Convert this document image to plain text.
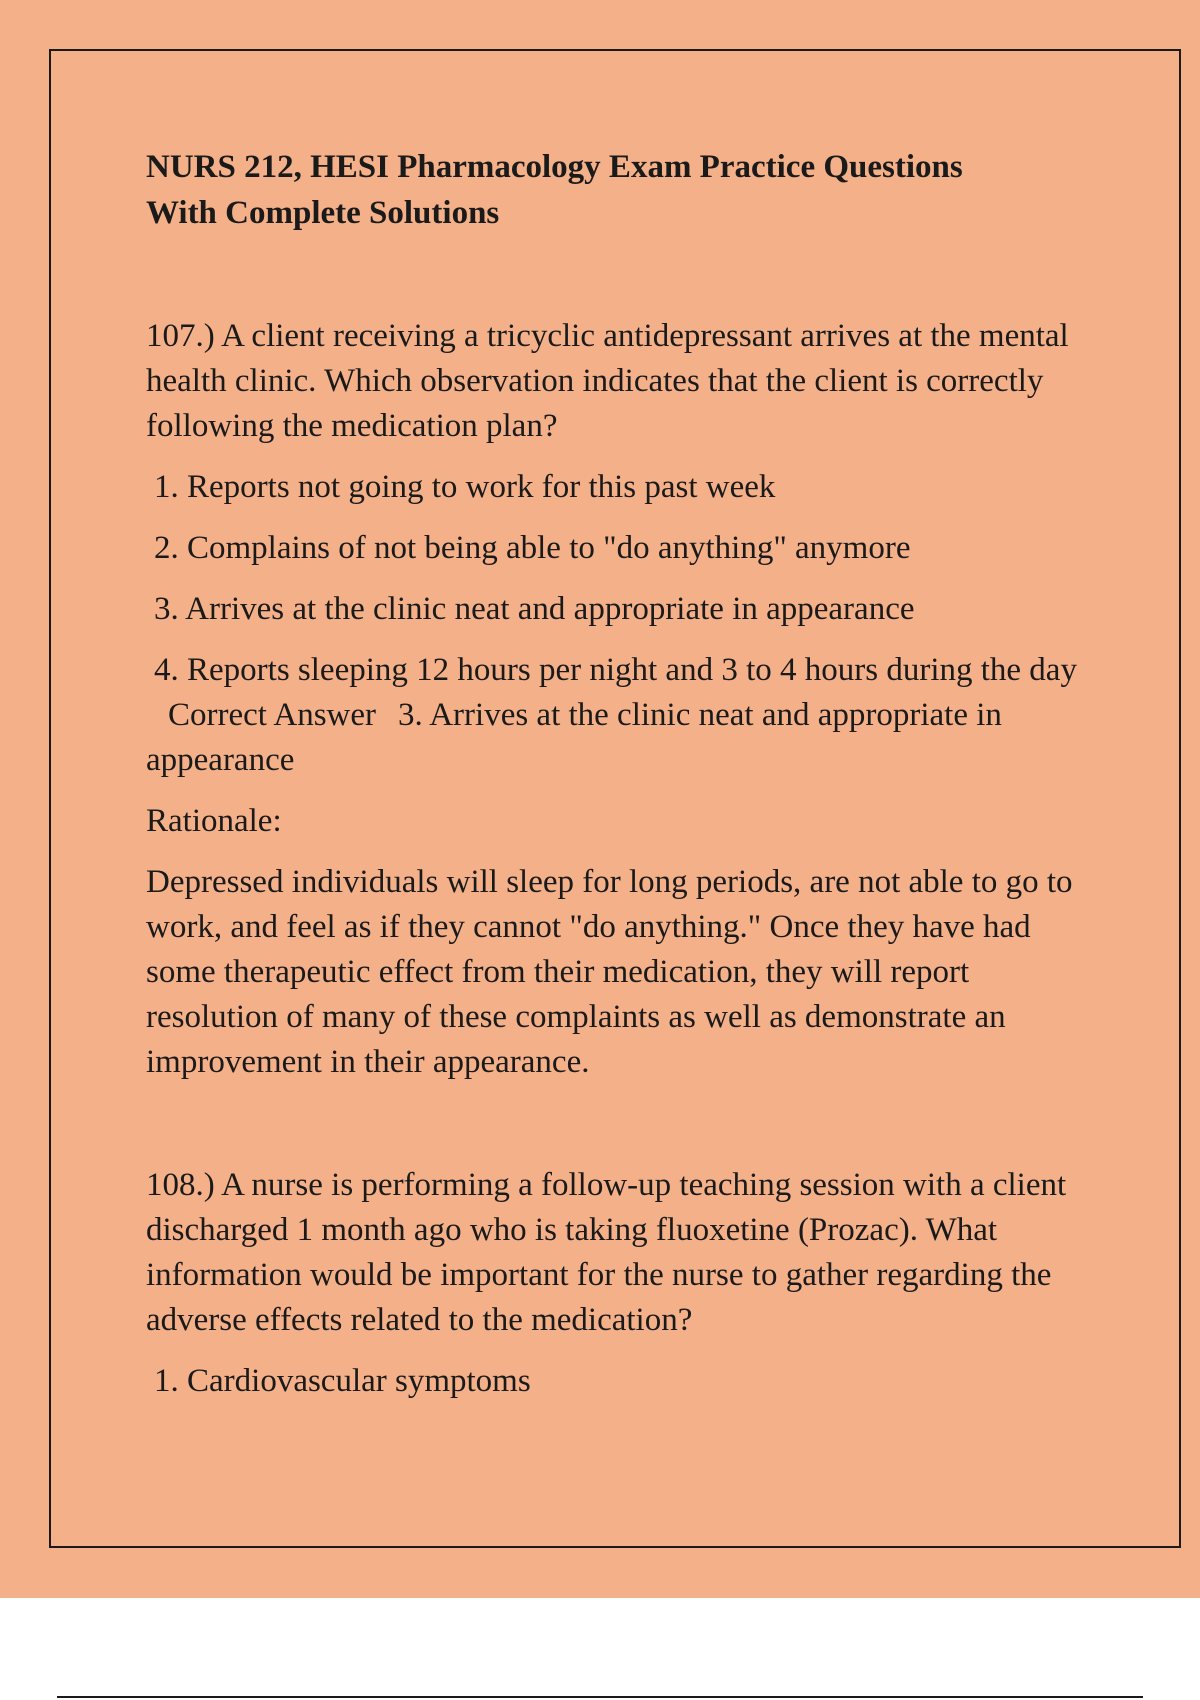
NURS 212, HESI Pharmacology Exam Practice Questions
With Complete Solutions
107.) A client receiving a tricyclic antidepressant arrives at the mental health clinic. Which observation indicates that the client is correctly following the medication plan?
1. Reports not going to work for this past week
2. Complains of not being able to "do anything" anymore
3. Arrives at the clinic neat and appropriate in appearance
4. Reports sleeping 12 hours per night and 3 to 4 hours during the dayCorrect Answer 3. Arrives at the clinic neat and appropriate in appearance
Rationale:
Depressed individuals will sleep for long periods, are not able to go to work, and feel as if they cannot "do anything." Once they have had some therapeutic effect from their medication, they will report resolution of many of these complaints as well as demonstrate an improvement in their appearance.
108.) A nurse is performing a follow-up teaching session with a client discharged 1 month ago who is taking fluoxetine (Prozac). What information would be important for the nurse to gather regarding the adverse effects related to the medication?
1. Cardiovascular symptoms
